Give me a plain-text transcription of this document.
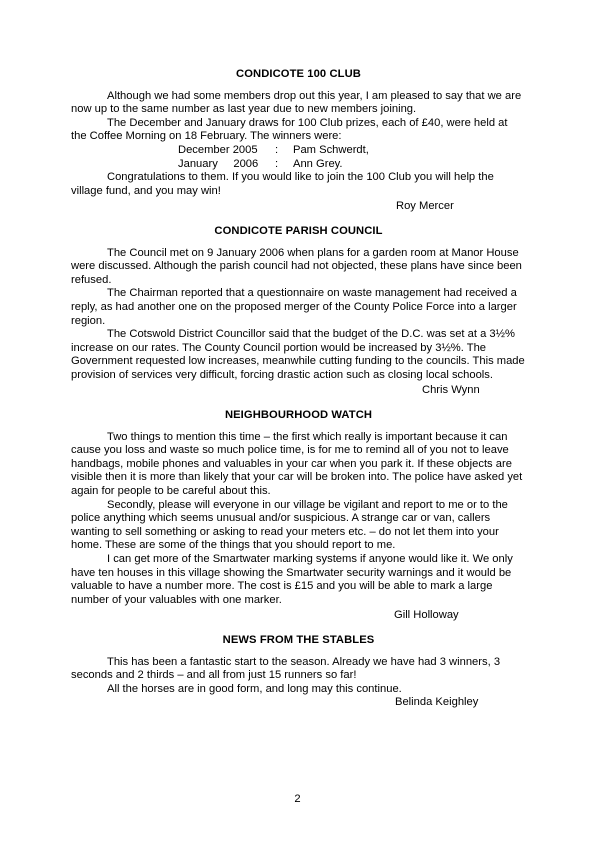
CONDICOTE 100 CLUB

Although we had some members drop out this year, I am pleased to say that we are now up to the same number as last year due to new members joining.

The December and January draws for 100 Club prizes, each of £40, were held at the Coffee Morning on 18 February. The winners were:

December 2005	:	Pam Schwerdt,
January     2006	:	Ann Grey.

Congratulations to them. If you would like to join the 100 Club you will help the village fund, and you may win!

Roy Mercer
CONDICOTE PARISH COUNCIL

The Council met on 9 January 2006 when plans for a garden room at Manor House were discussed. Although the parish council had not objected, these plans have since been refused.

The Chairman reported that a questionnaire on waste management had received a reply, as had another one on the proposed merger of the County Police Force into a larger region.

The Cotswold District Councillor said that the budget of the D.C. was set at a 3½% increase on our rates. The County Council portion would be increased by 3½%. The Government requested low increases, meanwhile cutting funding to the councils. This made provision of services very difficult, forcing drastic action such as closing local schools.

Chris Wynn
NEIGHBOURHOOD WATCH

Two things to mention this time – the first which really is important because it can cause you loss and waste so much police time, is for me to remind all of you not to leave handbags, mobile phones and valuables in your car when you park it. If these objects are visible then it is more than likely that your car will be broken into. The police have asked yet again for people to be careful about this.

Secondly, please will everyone in our village be vigilant and report to me or to the police anything which seems unusual and/or suspicious. A strange car or van, callers wanting to sell something or asking to read your meters etc. – do not let them into your home. These are some of the things that you should report to me.

I can get more of the Smartwater marking systems if anyone would like it. We only have ten houses in this village showing the Smartwater security warnings and it would be valuable to have a number more. The cost is £15 and you will be able to mark a large number of your valuables with one marker.

Gill Holloway
NEWS FROM THE STABLES

This has been a fantastic start to the season. Already we have had 3 winners, 3 seconds and 2 thirds – and all from just 15 runners so far!

All the horses are in good form, and long may this continue.

Belinda Keighley
2
